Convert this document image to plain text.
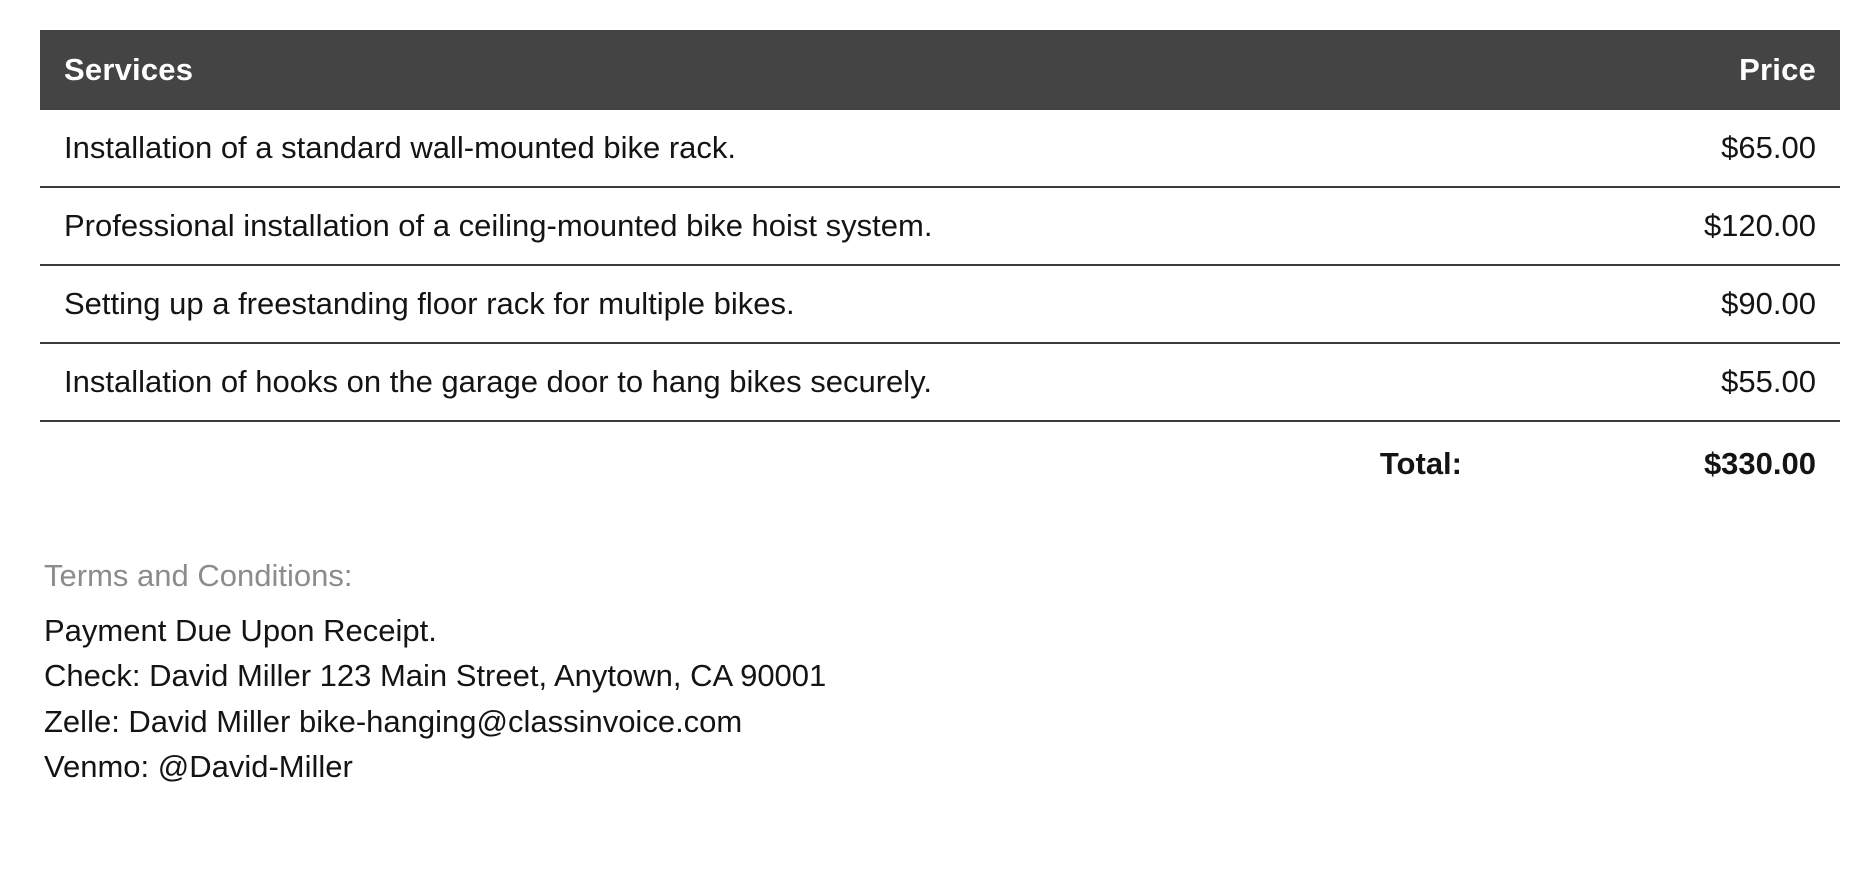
Services	Price
Installation of a standard wall-mounted bike rack.	$65.00
Professional installation of a ceiling-mounted bike hoist system.	$120.00
Setting up a freestanding floor rack for multiple bikes.	$90.00
Installation of hooks on the garage door to hang bikes securely.	$55.00
Total:	$330.00
Terms and Conditions:
Payment Due Upon Receipt.
Check: David Miller 123 Main Street, Anytown, CA 90001
Zelle: David Miller bike-hanging@classinvoice.com
Venmo: @David-Miller
